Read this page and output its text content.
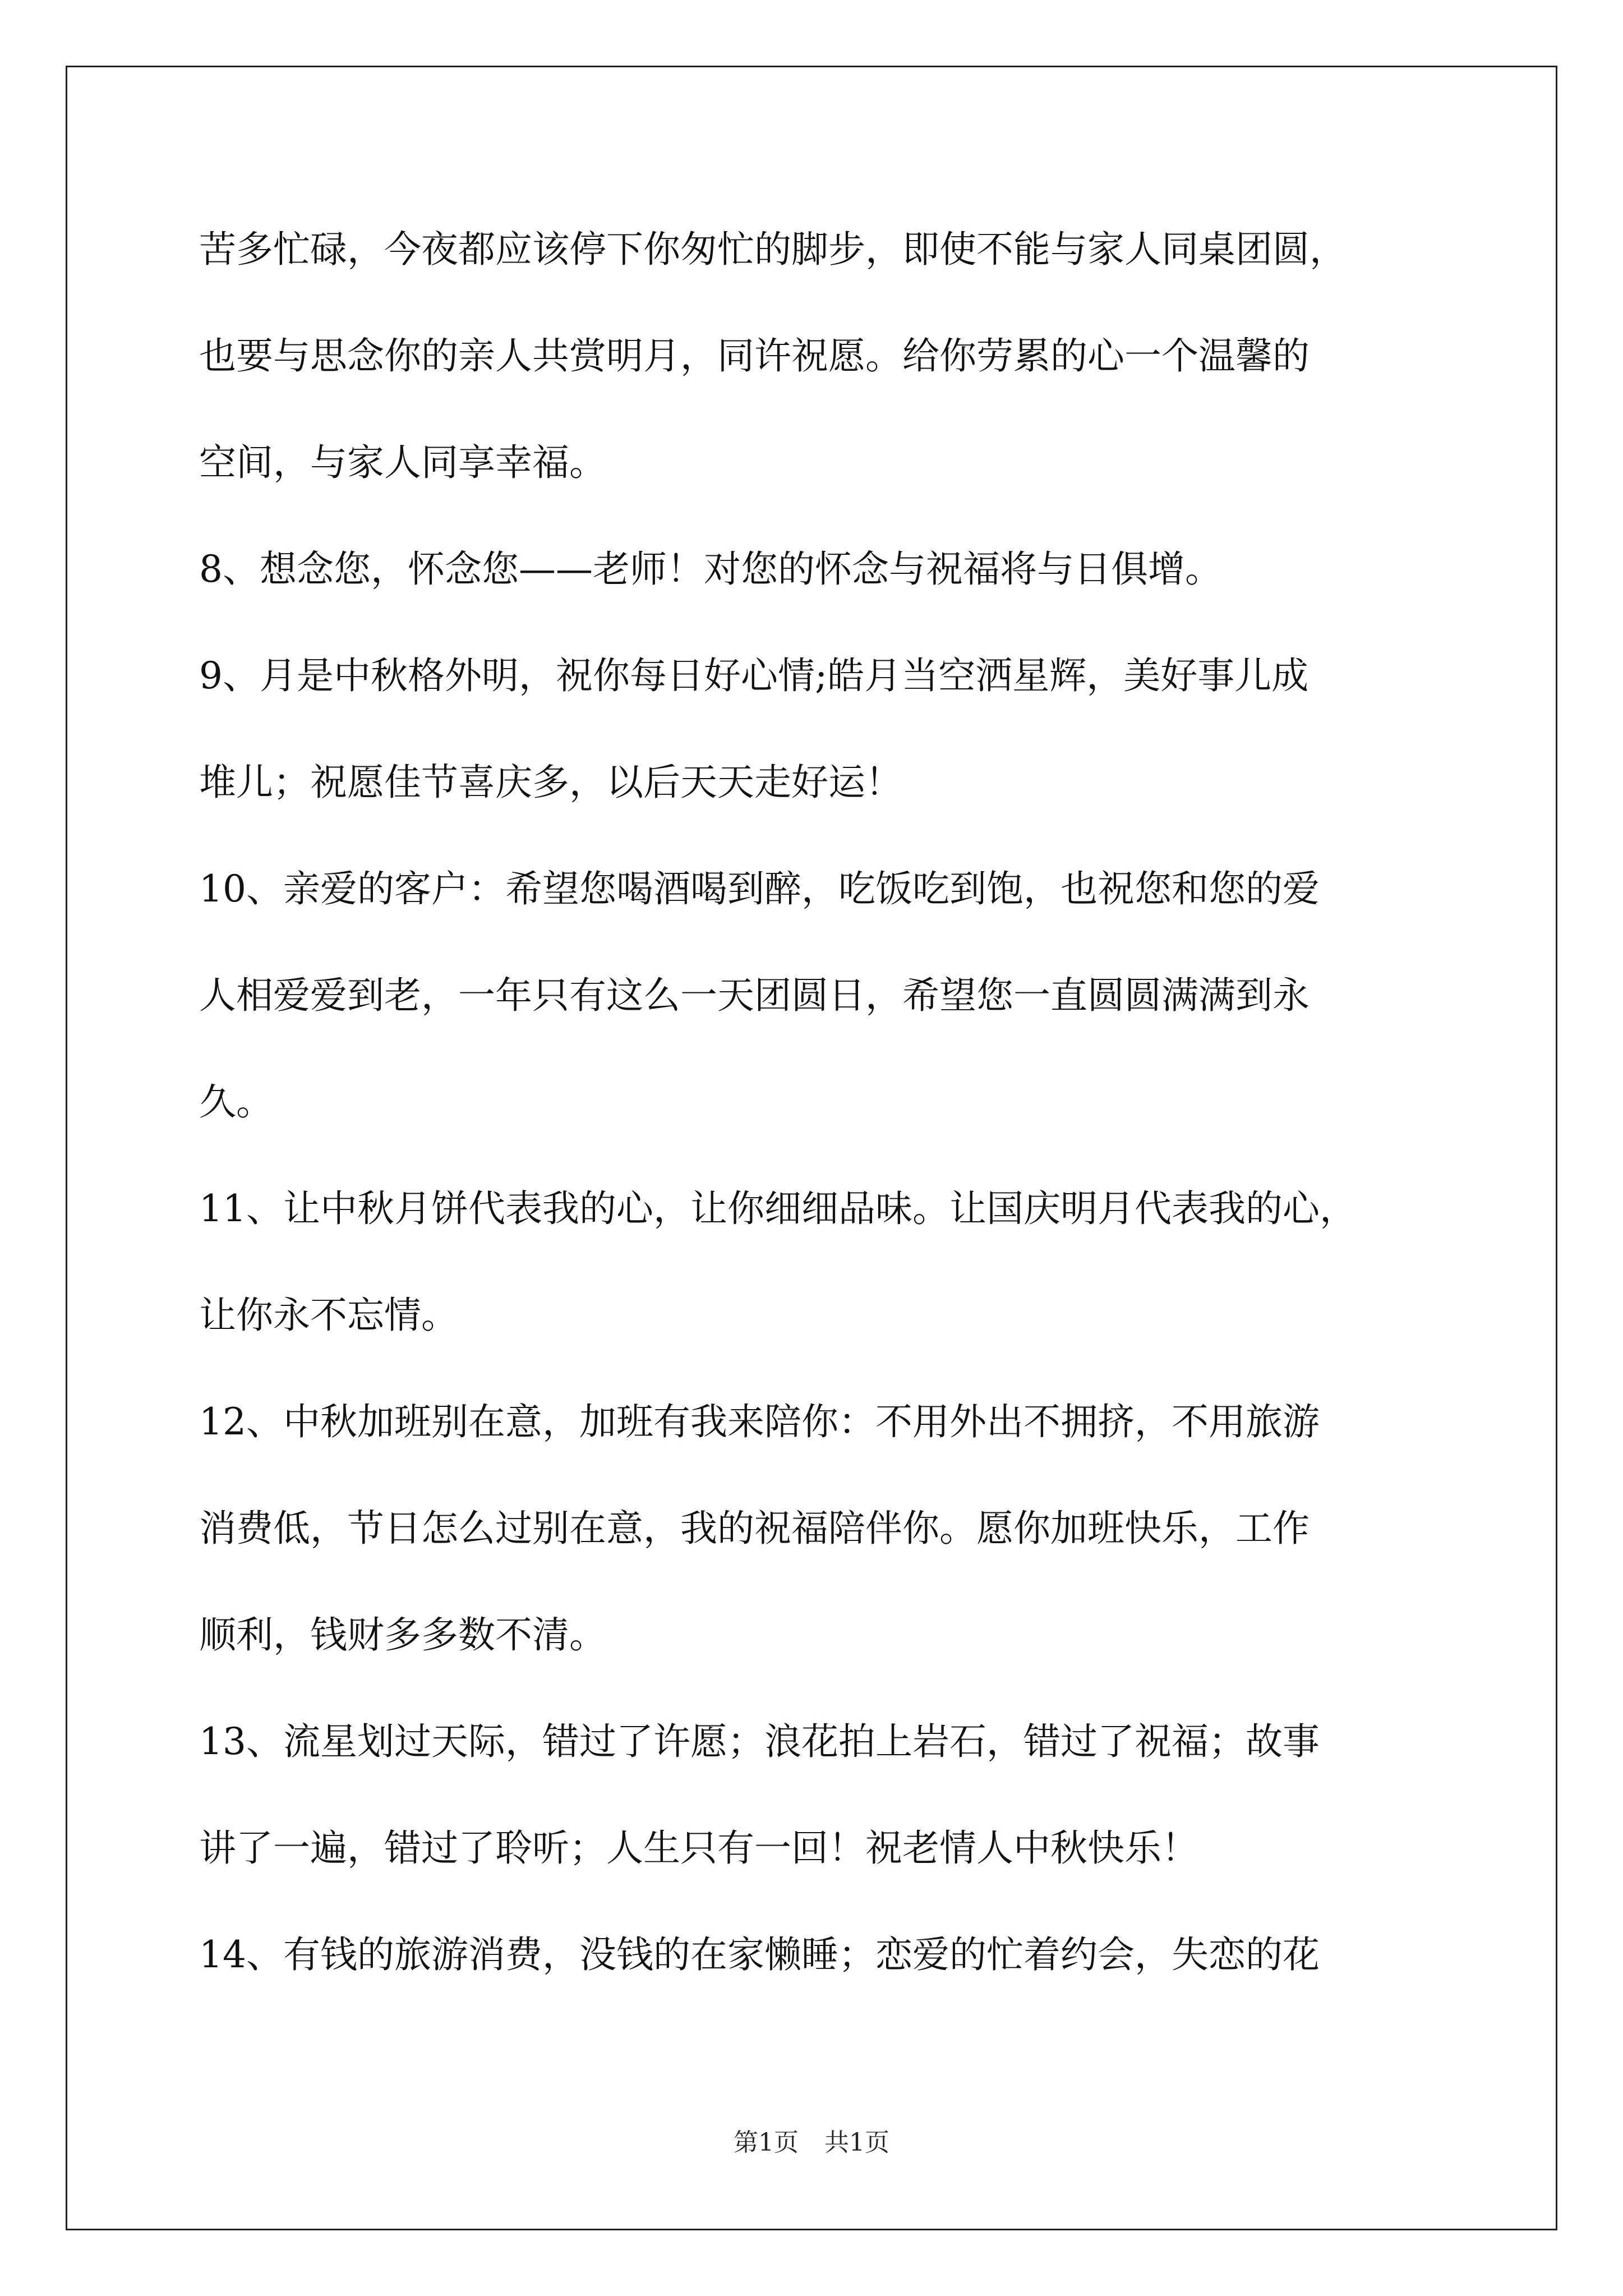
苦多忙碌，今夜都应该停下你匆忙的脚步，即使不能与家人同桌团圆，
也要与思念你的亲人共赏明月，同许祝愿。给你劳累的心一个温馨的
空间，与家人同享幸福。
8、想念您，怀念您——老师！对您的怀念与祝福将与日俱增。
9、月是中秋格外明，祝你每日好心情;皓月当空洒星辉，美好事儿成
堆儿；祝愿佳节喜庆多，以后天天走好运！
10、亲爱的客户：希望您喝酒喝到醉，吃饭吃到饱，也祝您和您的爱
人相爱爱到老，一年只有这么一天团圆日，希望您一直圆圆满满到永
久。
11、让中秋月饼代表我的心，让你细细品味。让国庆明月代表我的心，
让你永不忘情。
12、中秋加班别在意，加班有我来陪你：不用外出不拥挤，不用旅游
消费低，节日怎么过别在意，我的祝福陪伴你。愿你加班快乐，工作
顺利，钱财多多数不清。
13、流星划过天际，错过了许愿；浪花拍上岩石，错过了祝福；故事
讲了一遍，错过了聆听；人生只有一回！祝老情人中秋快乐！
14、有钱的旅游消费，没钱的在家懒睡；恋爱的忙着约会，失恋的花
第1页 共1页
